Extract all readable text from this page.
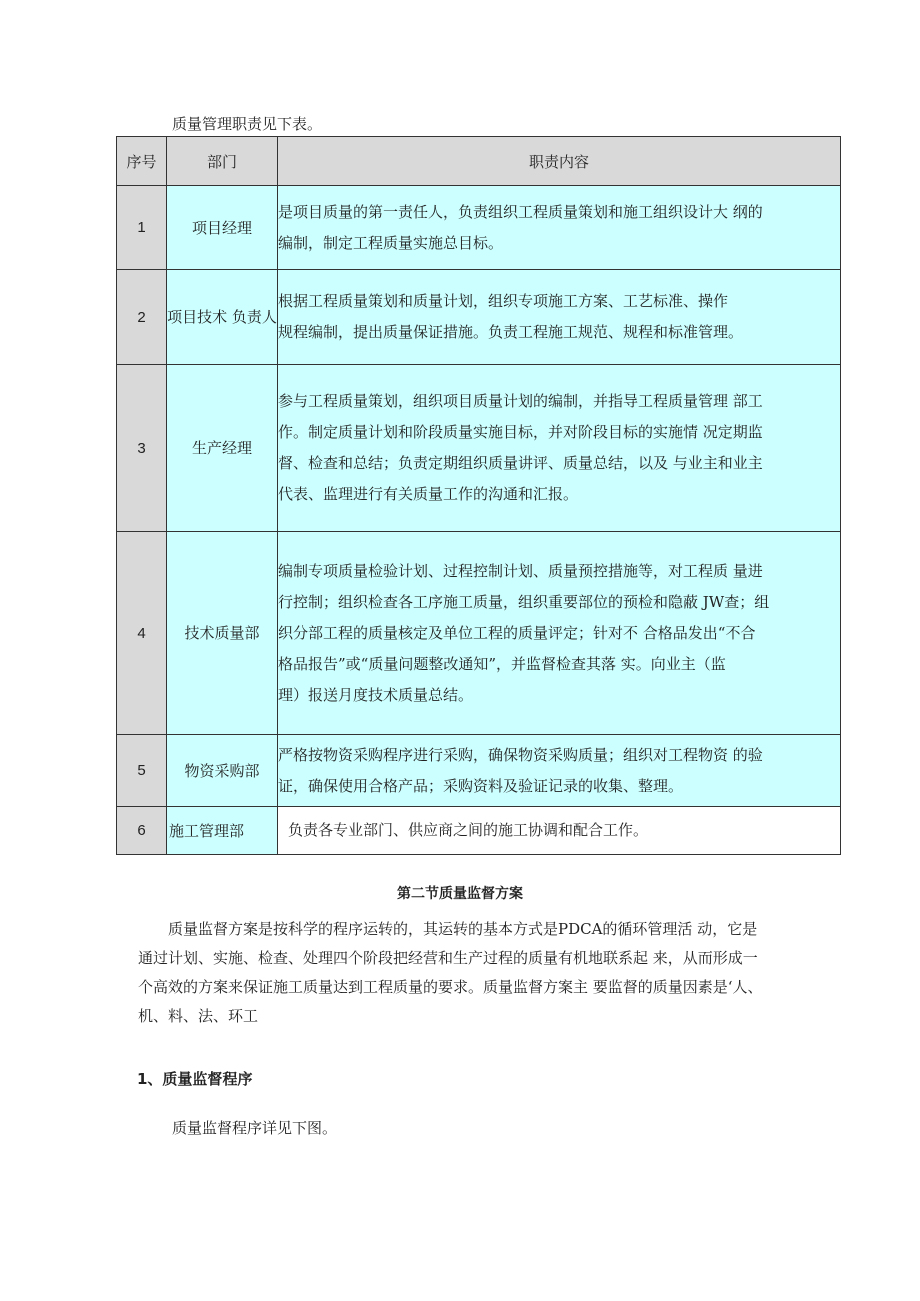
质量管理职责见下表。
序号	部门	职责内容
1	项目经理	是项目质量的第一责任人，负责组织工程质量策划和施工组织设计大 纲的
编制，制定工程质量实施总目标。

2	项目技术 负责人	根据工程质量策划和质量计划，组织专项施工方案、工艺标准、操作
规程编制，提出质量保证措施。负责工程施工规范、规程和标准管理。

3	生产经理	参与工程质量策划，组织项目质量计划的编制，并指导工程质量管理 部工
作。制定质量计划和阶段质量实施目标，并对阶段目标的实施情 况定期监
督、检查和总结；负责定期组织质量讲评、质量总结，以及 与业主和业主
代表、监理进行有关质量工作的沟通和汇报。

4	技术质量部	编制专项质量检验计划、过程控制计划、质量预控措施等，对工程质 量进
行控制；组织检查各工序施工质量，组织重要部位的预检和隐蔽 JW查；组
织分部工程的质量核定及单位工程的质量评定；针对不 合格品发出“不合
格品报告”或“质量问题整改通知”，并监督检查其落 实。向业主（监
理）报送月度技术质量总结。

5	物资采购部	严格按物资采购程序进行采购，确保物资采购质量；组织对工程物资 的验
证，确保使用合格产品；采购资料及验证记录的收集、整理。

6	施工管理部	负责各专业部门、供应商之间的施工协调和配合工作。
第二节质量监督方案
　　质量监督方案是按科学的程序运转的，其运转的基本方式是PDCA的循环管理活 动，它是
通过计划、实施、检查、处理四个阶段把经营和生产过程的质量有机地联系起 来，从而形成一
个高效的方案来保证施工质量达到工程质量的要求。质量监督方案主 要监督的质量因素是‘人、
机、料、法、环工
1、质量监督程序
质量监督程序详见下图。
